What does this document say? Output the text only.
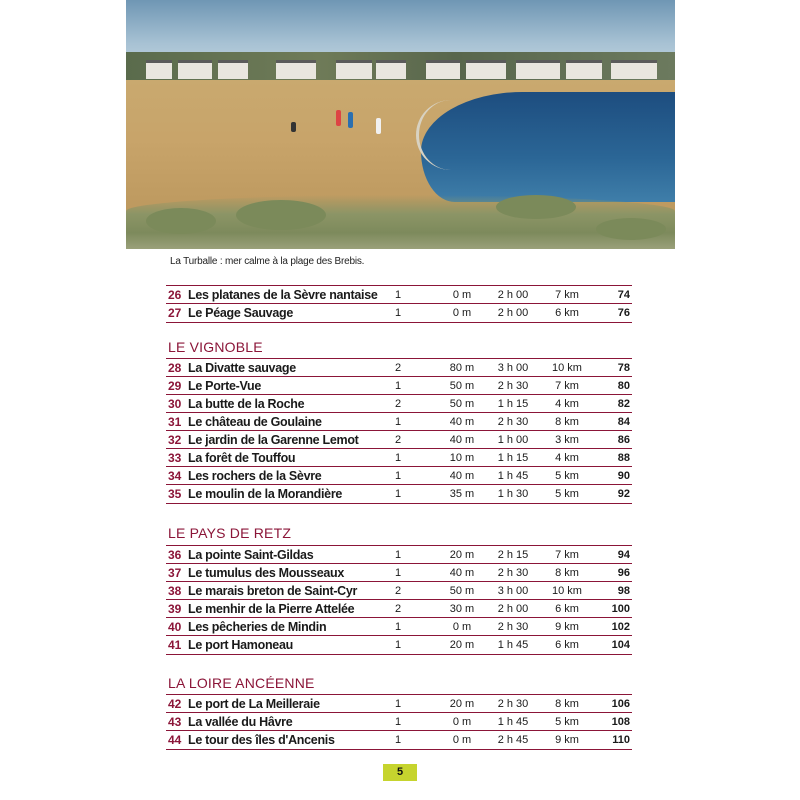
La Turballe : mer calme à la plage des Brebis.
26 Les platanes de la Sèvre nantaise 1	0 m	2 h 00	7 km	74
27 Le Péage Sauvage	1	0 m	2 h 00	6 km	76
LE VIGNOBLE
28 La Divatte sauvage	2	80 m	3 h 00	10 km	78
29 Le Porte-Vue	1	50 m	2 h 30	7 km	80
30 La butte de la Roche	2	50 m	1 h 15	4 km	82
31 Le château de Goulaine	1	40 m	2 h 30	8 km	84
32 Le jardin de la Garenne Lemot	2	40 m	1 h 00	3 km	86
33 La forêt de Touffou	1	10 m	1 h 15	4 km	88
34 Les rochers de la Sèvre	1	40 m	1 h 45	5 km	90
35 Le moulin de la Morandière	1	35 m	1 h 30	5 km	92
LE PAYS DE RETZ
36 La pointe Saint-Gildas	1	20 m	2 h 15	7 km	94
37 Le tumulus des Mousseaux	1	40 m	2 h 30	8 km	96
38 Le marais breton de Saint-Cyr	2	50 m	3 h 00	10 km	98
39 Le menhir de la Pierre Attelée	2	30 m	2 h 00	6 km	100
40 Les pêcheries de Mindin	1	0 m	2 h 30	9 km	102
41 Le port Hamoneau	1	20 m	1 h 45	6 km	104
LA LOIRE ANCÉENNE
42 Le port de La Meilleraie	1	20 m	2 h 30	8 km	106
43 La vallée du Hâvre	1	0 m	1 h 45	5 km	108
44 Le tour des îles d'Ancenis	1	0 m	2 h 45	9 km	110
5
